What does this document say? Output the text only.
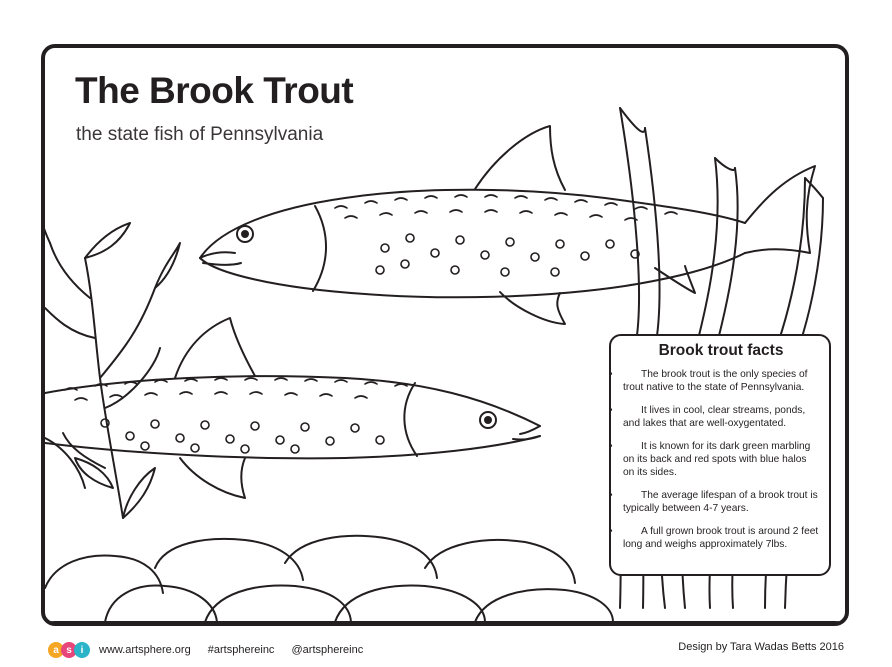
The Brook Trout
the state fish of Pennsylvania
Brook trout facts
• The brook trout is the only species of trout native to the state of Pennsylvania.
• It lives in cool, clear streams, ponds, and lakes that are well-oxygentated.
• It is known for its dark green marbling on its back and red spots with blue halos on its sides.
• The average lifespan of a brook trout is typically between 4-7 years.
• A full grown brook trout is around 2 feet long and weighs approximately 7lbs.
a s i www.artsphere.org #artsphereinc @artsphereinc	Design by Tara Wadas Betts 2016
